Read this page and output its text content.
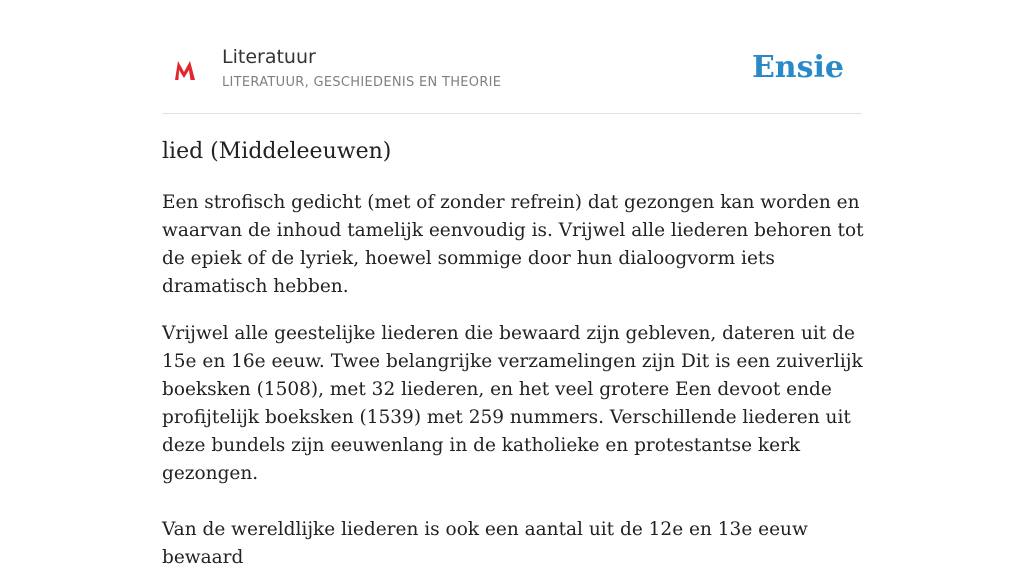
Literatuur
LITERATUUR, GESCHIEDENIS EN THEORIE	Ensie
lied (Middeleeuwen)

Een strofisch gedicht (met of zonder refrein) dat gezongen kan worden en waarvan de inhoud tamelijk eenvoudig is. Vrijwel alle liederen behoren tot de epiek of de lyriek, hoewel sommige door hun dialoogvorm iets dramatisch hebben.

Vrijwel alle geestelijke liederen die bewaard zijn gebleven, dateren uit de 15e en 16e eeuw. Twee belangrijke verzamelingen zijn Dit is een zuiverlijk boeksken (1508), met 32 liederen, en het veel grotere Een devoot ende profijtelijk boeksken (1539) met 259 nummers. Verschillende liederen uit deze bundels zijn eeuwenlang in de katholieke en protestantse kerk gezongen.

Van de wereldlijke liederen is ook een aantal uit de 12e en 13e eeuw bewaard
